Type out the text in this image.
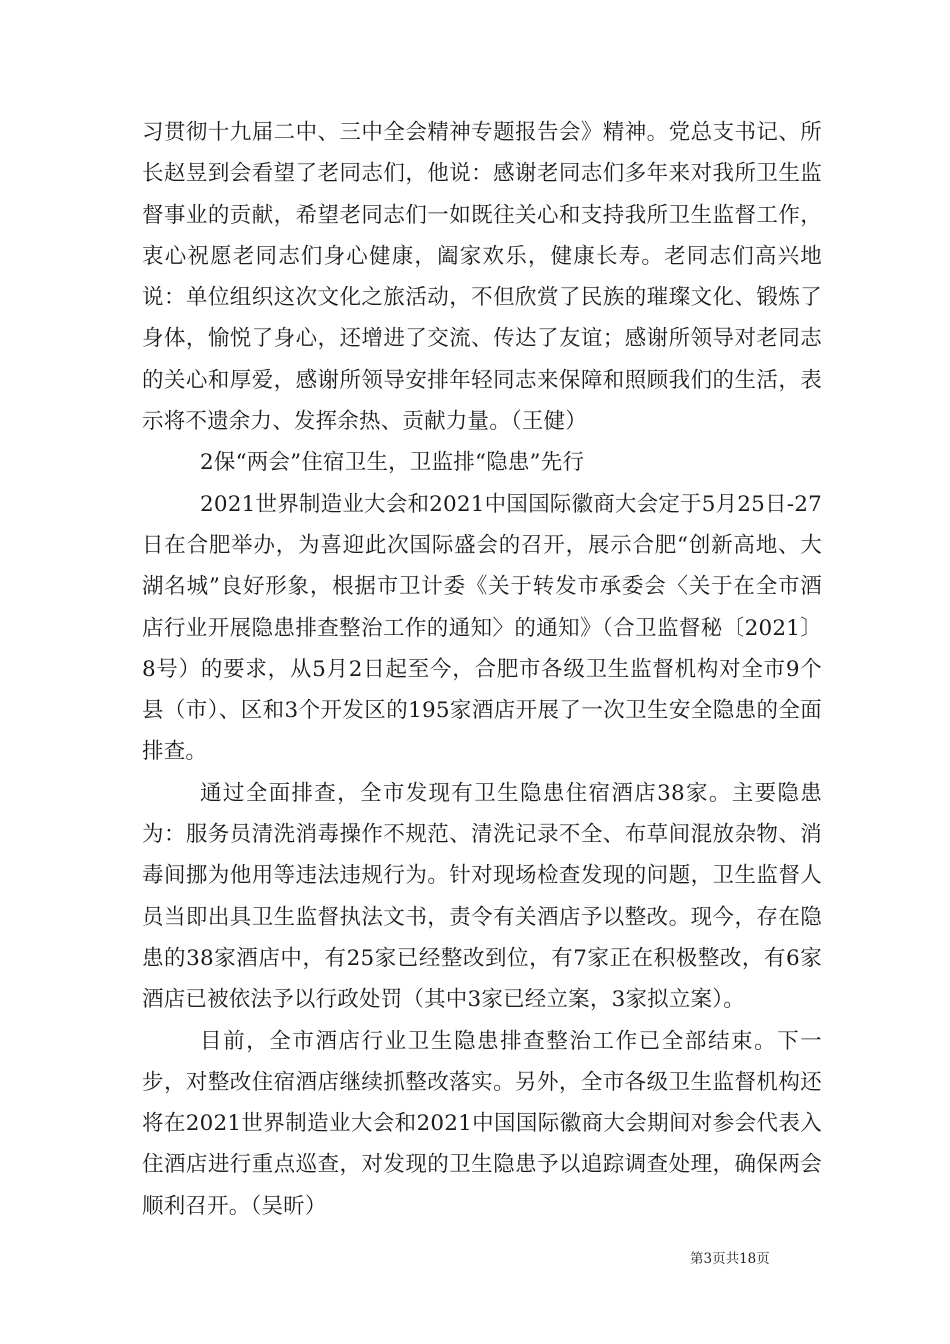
习贯彻十九届二中、三中全会精神专题报告会》精神。党总支书记、所长赵昱到会看望了老同志们，他说：感谢老同志们多年来对我所卫生监督事业的贡献，希望老同志们一如既往关心和支持我所卫生监督工作，衷心祝愿老同志们身心健康，阖家欢乐，健康长寿。老同志们高兴地说：单位组织这次文化之旅活动，不但欣赏了民族的璀璨文化、锻炼了身体，愉悦了身心，还增进了交流、传达了友谊；感谢所领导对老同志的关心和厚爱，感谢所领导安排年轻同志来保障和照顾我们的生活，表示将不遗余力、发挥余热、贡献力量。（王健）

2保“两会”住宿卫生，卫监排“隐患”先行

2021世界制造业大会和2021中国国际徽商大会定于5月25日-27日在合肥举办，为喜迎此次国际盛会的召开，展示合肥“创新高地、大湖名城”良好形象，根据市卫计委《关于转发市承委会〈关于在全市酒店行业开展隐患排查整治工作的通知〉的通知》（合卫监督秘〔2021〕8号）的要求，从5月2日起至今，合肥市各级卫生监督机构对全市9个县（市）、区和3个开发区的195家酒店开展了一次卫生安全隐患的全面排查。

通过全面排查，全市发现有卫生隐患住宿酒店38家。主要隐患为：服务员清洗消毒操作不规范、清洗记录不全、布草间混放杂物、消毒间挪为他用等违法违规行为。针对现场检查发现的问题，卫生监督人员当即出具卫生监督执法文书，责令有关酒店予以整改。现今，存在隐患的38家酒店中，有25家已经整改到位，有7家正在积极整改，有6家酒店已被依法予以行政处罚（其中3家已经立案，3家拟立案）。

目前，全市酒店行业卫生隐患排查整治工作已全部结束。下一步，对整改住宿酒店继续抓整改落实。另外，全市各级卫生监督机构还将在2021世界制造业大会和2021中国国际徽商大会期间对参会代表入住酒店进行重点巡查，对发现的卫生隐患予以追踪调查处理，确保两会顺利召开。（吴昕）

第3页共18页
